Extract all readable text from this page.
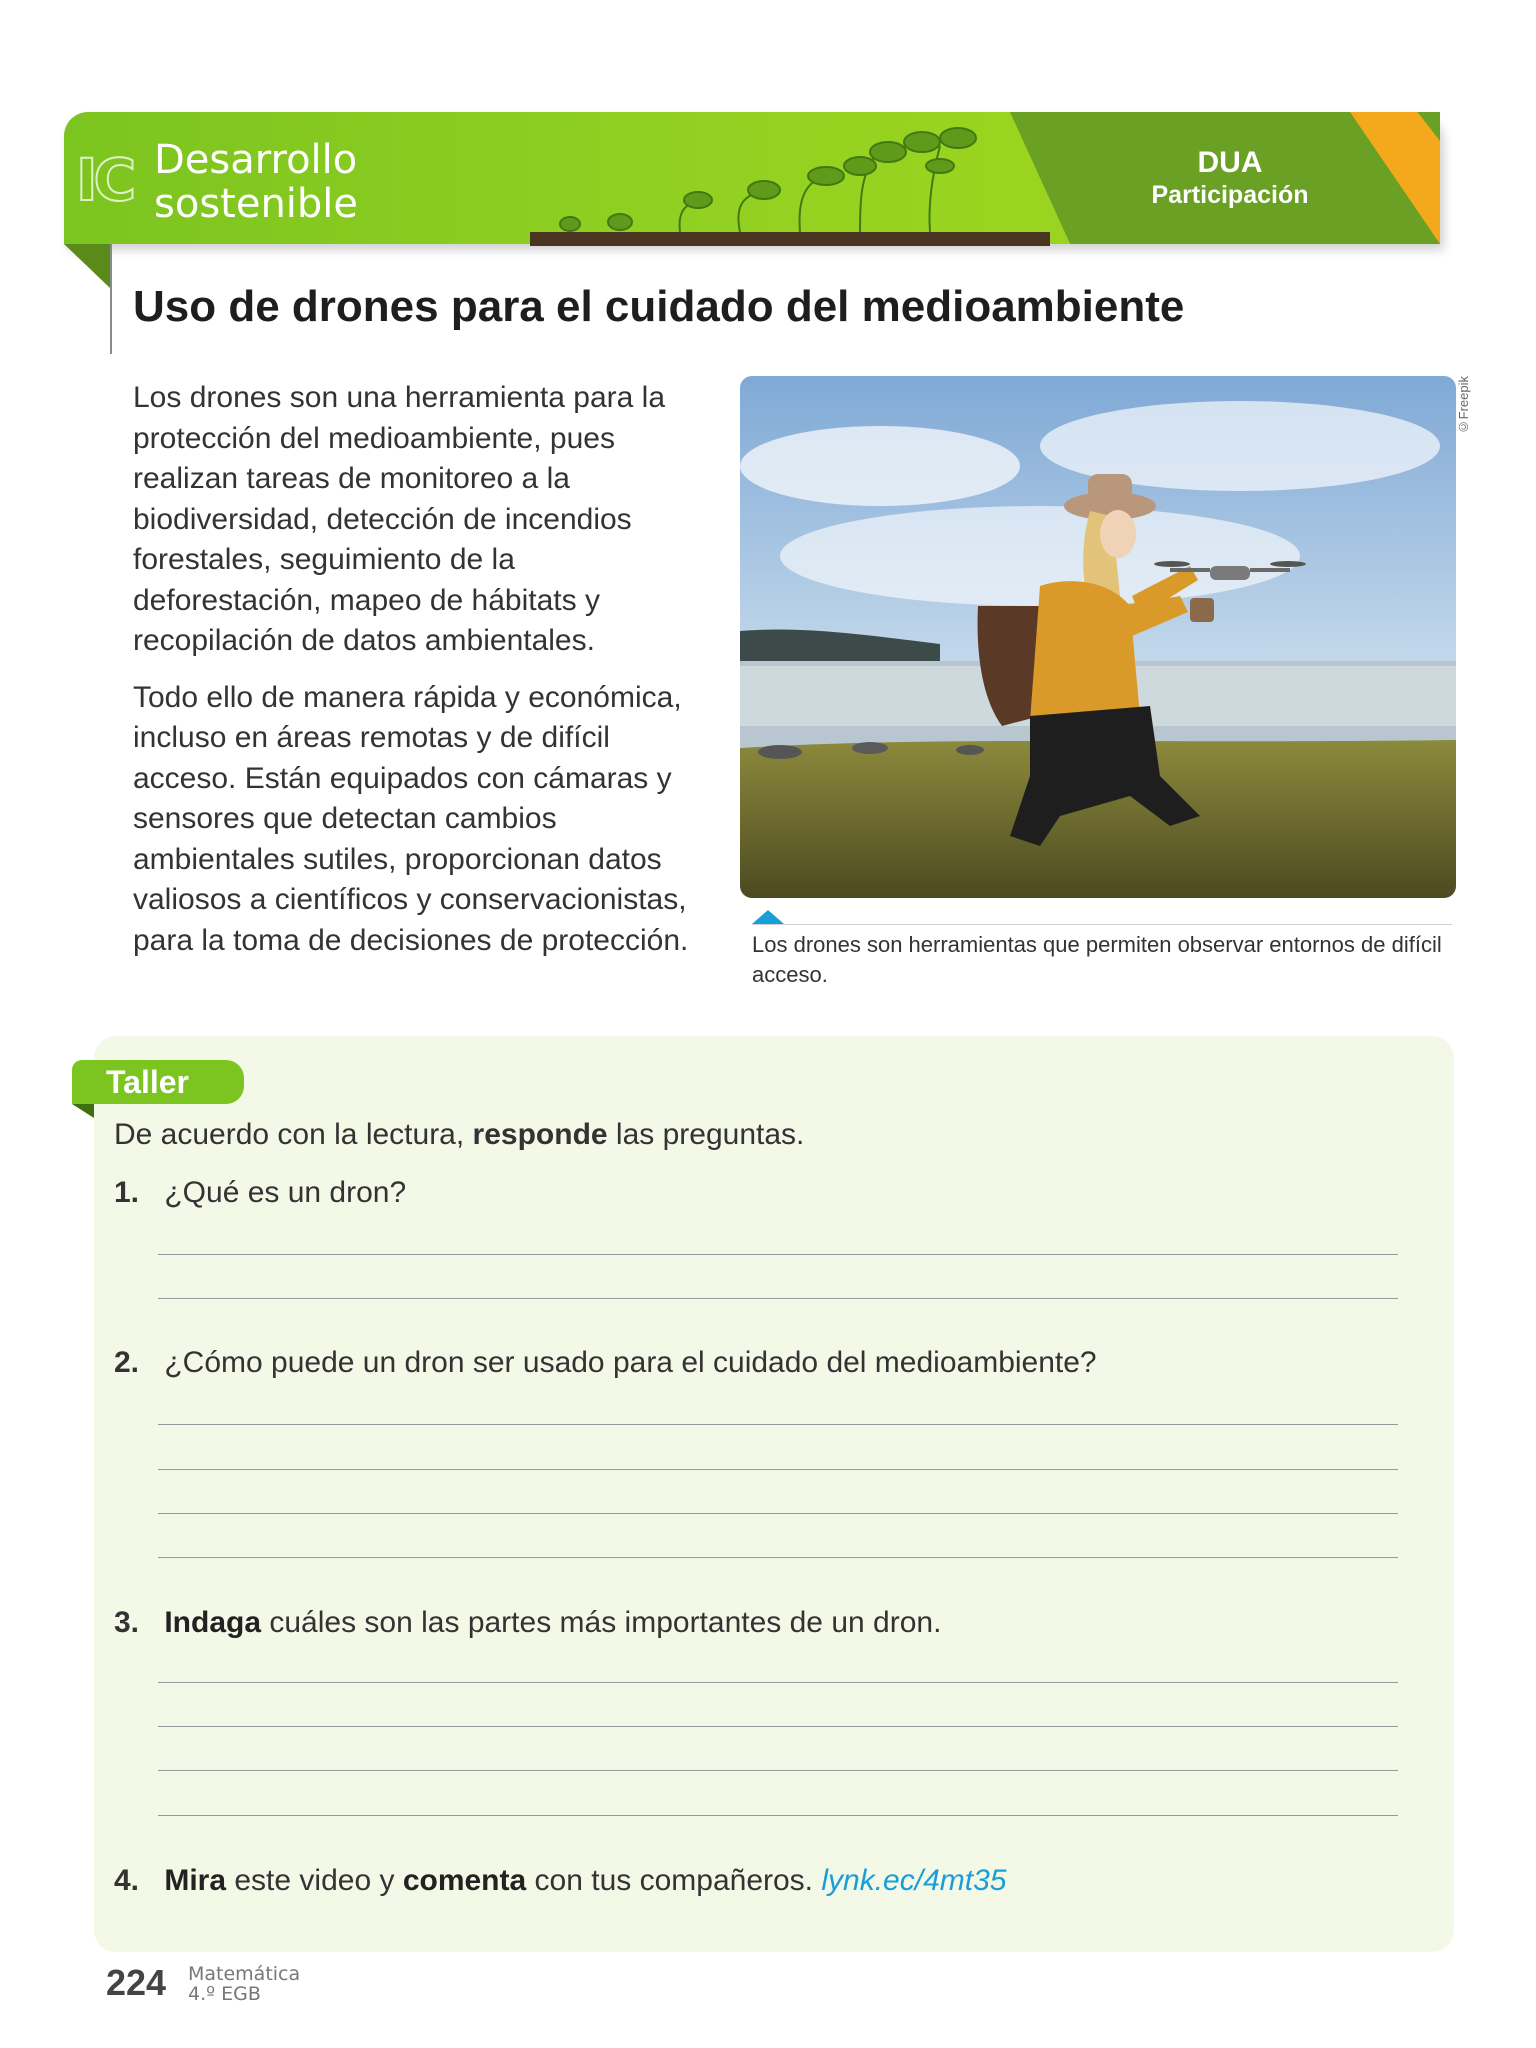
IC Desarrollo
sostenible
DUA
Participación
Uso de drones para el cuidado del medioambiente

Los drones son una herramienta para la protección del medioambiente, pues realizan tareas de monitoreo a la biodiversidad, detección de incendios forestales, seguimiento de la deforestación, mapeo de hábitats y recopilación de datos ambientales.

Todo ello de manera rápida y económica, incluso en áreas remotas y de difícil acceso. Están equipados con cámaras y sensores que detectan cambios ambientales sutiles, proporcionan datos valiosos a científicos y conservacionistas, para la toma de decisiones de protección.

©Freepik
Los drones son herramientas que permiten observar entornos de difícil acceso.
Taller
De acuerdo con la lectura, responde las preguntas.
1. ¿Qué es un dron?
2. ¿Cómo puede un dron ser usado para el cuidado del medioambiente?
3. Indaga cuáles son las partes más importantes de un dron.
4. Mira este video y comenta con tus compañeros. lynk.ec/4mt35
224 Matemática
4.º EGB
